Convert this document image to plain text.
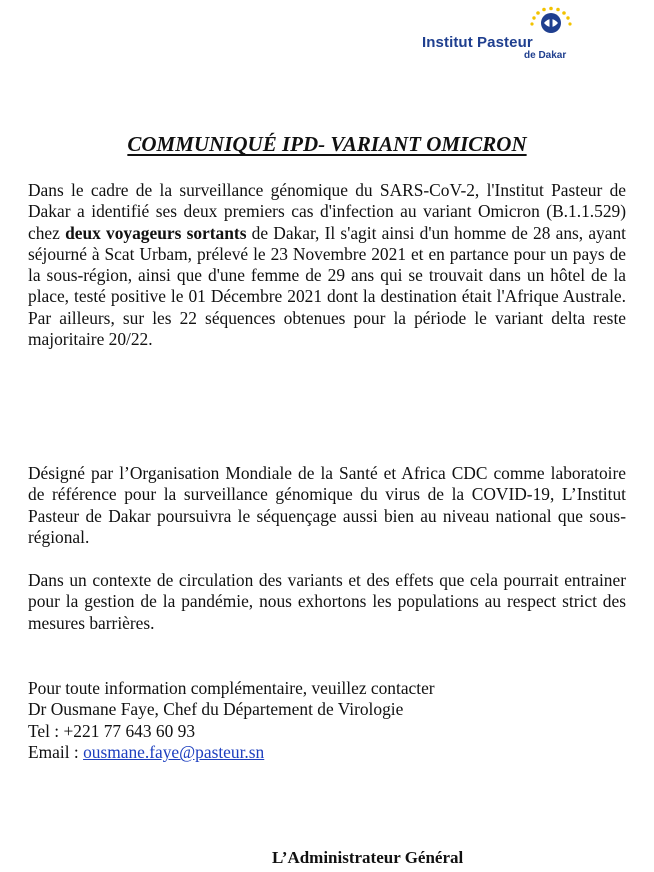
Institut Pasteur
de Dakar
COMMUNIQUÉ IPD- VARIANT OMICRON

Dans le cadre de la surveillance génomique du SARS-CoV-2, l'Institut Pasteur de Dakar a identifié ses deux premiers cas d'infection au variant Omicron (B.1.1.529) chez deux voyageurs sortants de Dakar, Il s'agit ainsi d'un homme de 28 ans, ayant séjourné à Scat Urbam, prélevé le 23 Novembre 2021 et en partance pour un pays de la sous-région, ainsi que d'une femme de 29 ans qui se trouvait dans un hôtel de la place, testé positive le 01 Décembre 2021 dont la destination était l'Afrique Australe. Par ailleurs, sur les 22 séquences obtenues pour la période le variant delta reste majoritaire 20/22.

Désigné par l’Organisation Mondiale de la Santé et Africa CDC comme laboratoire de référence pour la surveillance génomique du virus de la COVID-19, L’Institut Pasteur de Dakar poursuivra le séquençage aussi bien au niveau national que sous-régional.

Dans un contexte de circulation des variants et des effets que cela pourrait entrainer pour la gestion de la pandémie, nous exhortons les populations au respect strict des mesures barrières.

Pour toute information complémentaire, veuillez contacter
Dr Ousmane Faye, Chef du Département de Virologie
Tel : +221 77 643 60 93
Email : ousmane.faye@pasteur.sn
L’Administrateur Général
